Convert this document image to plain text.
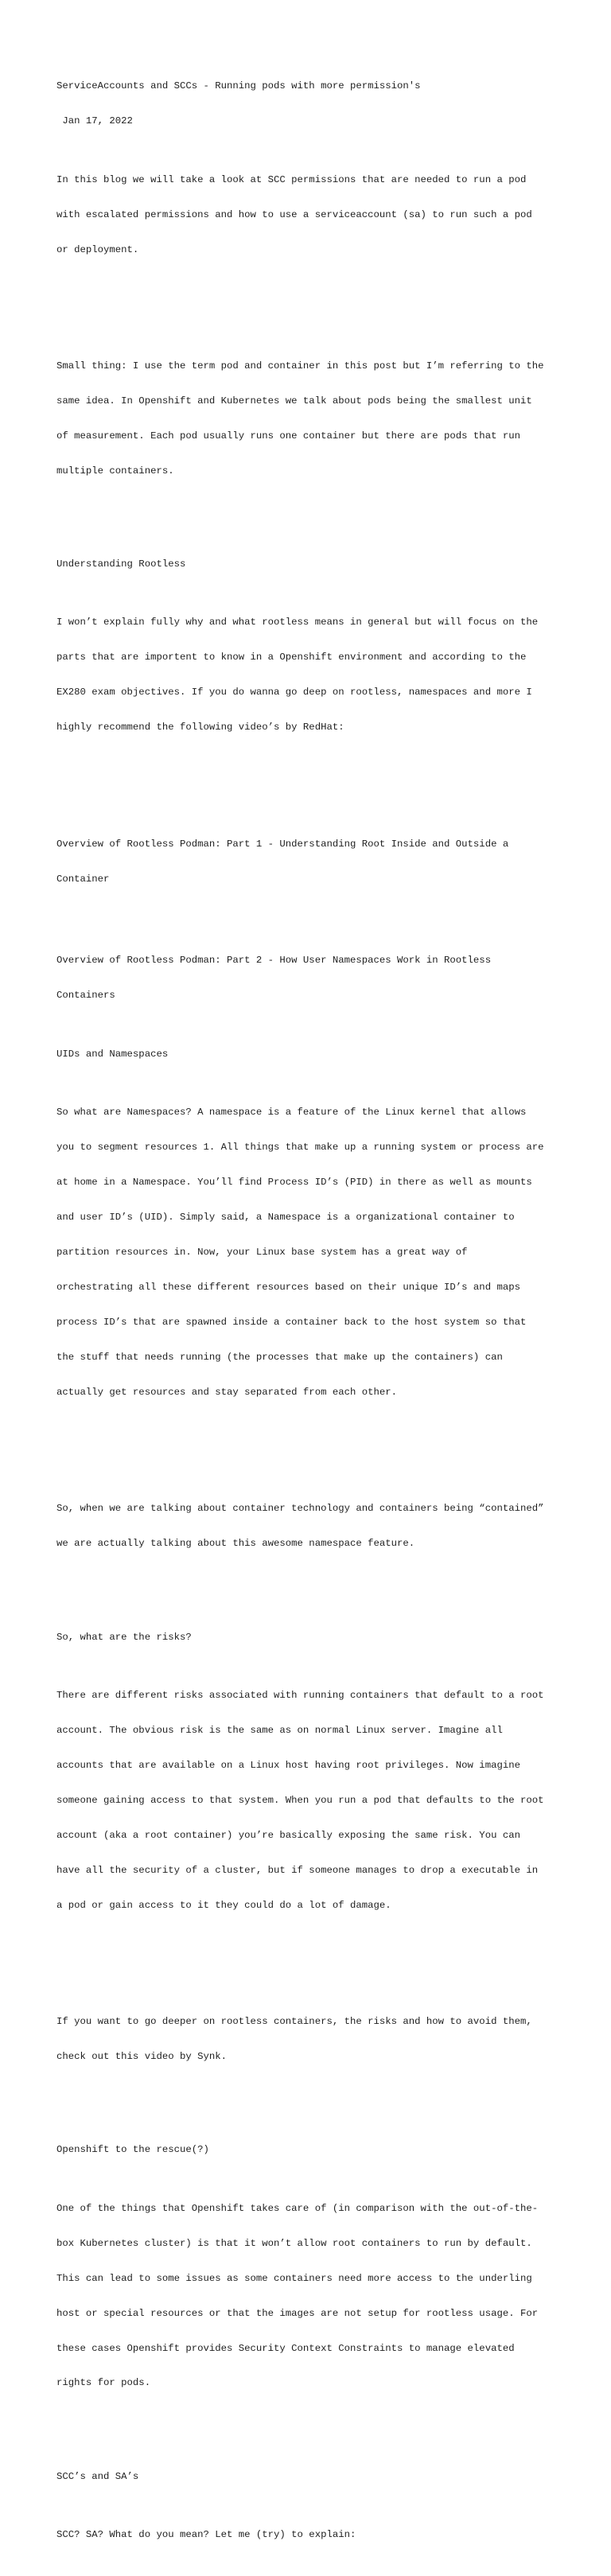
ServiceAccounts and SCCs - Running pods with more permission's

Jan 17, 2022

In this blog we will take a look at SCC permissions that are needed to run a pod

with escalated permissions and how to use a serviceaccount (sa) to run such a pod

or deployment.

Small thing: I use the term pod and container in this post but I’m referring to the

same idea. In Openshift and Kubernetes we talk about pods being the smallest unit

of measurement. Each pod usually runs one container but there are pods that run

multiple containers.

Understanding Rootless

I won’t explain fully why and what rootless means in general but will focus on the

parts that are importent to know in a Openshift environment and according to the

EX280 exam objectives. If you do wanna go deep on rootless, namespaces and more I

highly recommend the following video’s by RedHat:

Overview of Rootless Podman: Part 1 - Understanding Root Inside and Outside a

Container

Overview of Rootless Podman: Part 2 - How User Namespaces Work in Rootless

Containers

UIDs and Namespaces

So what are Namespaces? A namespace is a feature of the Linux kernel that allows

you to segment resources 1. All things that make up a running system or process are

at home in a Namespace. You’ll find Process ID’s (PID) in there as well as mounts

and user ID’s (UID). Simply said, a Namespace is a organizational container to

partition resources in. Now, your Linux base system has a great way of

orchestrating all these different resources based on their unique ID’s and maps

process ID’s that are spawned inside a container back to the host system so that

the stuff that needs running (the processes that make up the containers) can

actually get resources and stay separated from each other.

So, when we are talking about container technology and containers being “contained”

we are actually talking about this awesome namespace feature.

So, what are the risks?

There are different risks associated with running containers that default to a root

account. The obvious risk is the same as on normal Linux server. Imagine all

accounts that are available on a Linux host having root privileges. Now imagine

someone gaining access to that system. When you run a pod that defaults to the root

account (aka a root container) you’re basically exposing the same risk. You can

have all the security of a cluster, but if someone manages to drop a executable in

a pod or gain access to it they could do a lot of damage.

If you want to go deeper on rootless containers, the risks and how to avoid them,

check out this video by Synk.

Openshift to the rescue(?)

One of the things that Openshift takes care of (in comparison with the out-of-the-

box Kubernetes cluster) is that it won’t allow root containers to run by default.

This can lead to some issues as some containers need more access to the underling

host or special resources or that the images are not setup for rootless usage. For

these cases Openshift provides Security Context Constraints to manage elevated

rights for pods.

SCC’s and SA’s

SCC? SA? What do you mean? Let me (try) to explain:
